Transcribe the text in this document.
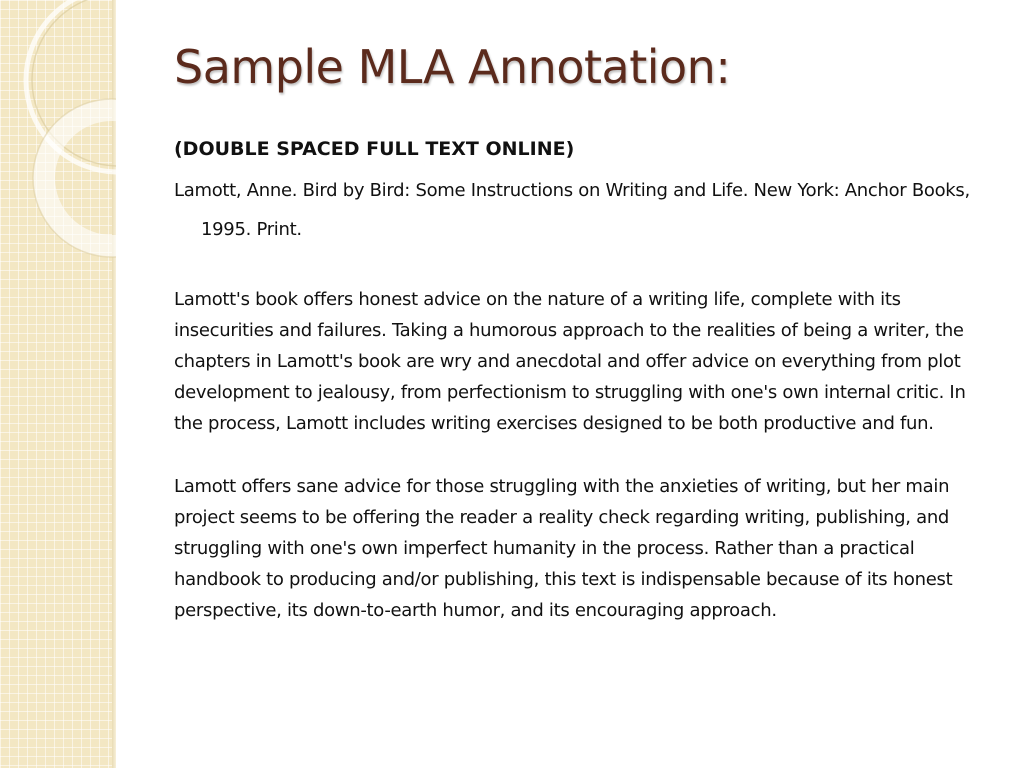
Sample MLA Annotation:

(DOUBLE SPACED FULL TEXT ONLINE)

Lamott, Anne. Bird by Bird: Some Instructions on Writing and Life. New York: Anchor Books, 1995. Print.

Lamott's book offers honest advice on the nature of a writing life, complete with its insecurities and failures. Taking a humorous approach to the realities of being a writer, the chapters in Lamott's book are wry and anecdotal and offer advice on everything from plot development to jealousy, from perfectionism to struggling with one's own internal critic. In the process, Lamott includes writing exercises designed to be both productive and fun.

Lamott offers sane advice for those struggling with the anxieties of writing, but her main project seems to be offering the reader a reality check regarding writing, publishing, and struggling with one's own imperfect humanity in the process. Rather than a practical handbook to producing and/or publishing, this text is indispensable because of its honest perspective, its down-to-earth humor, and its encouraging approach.
